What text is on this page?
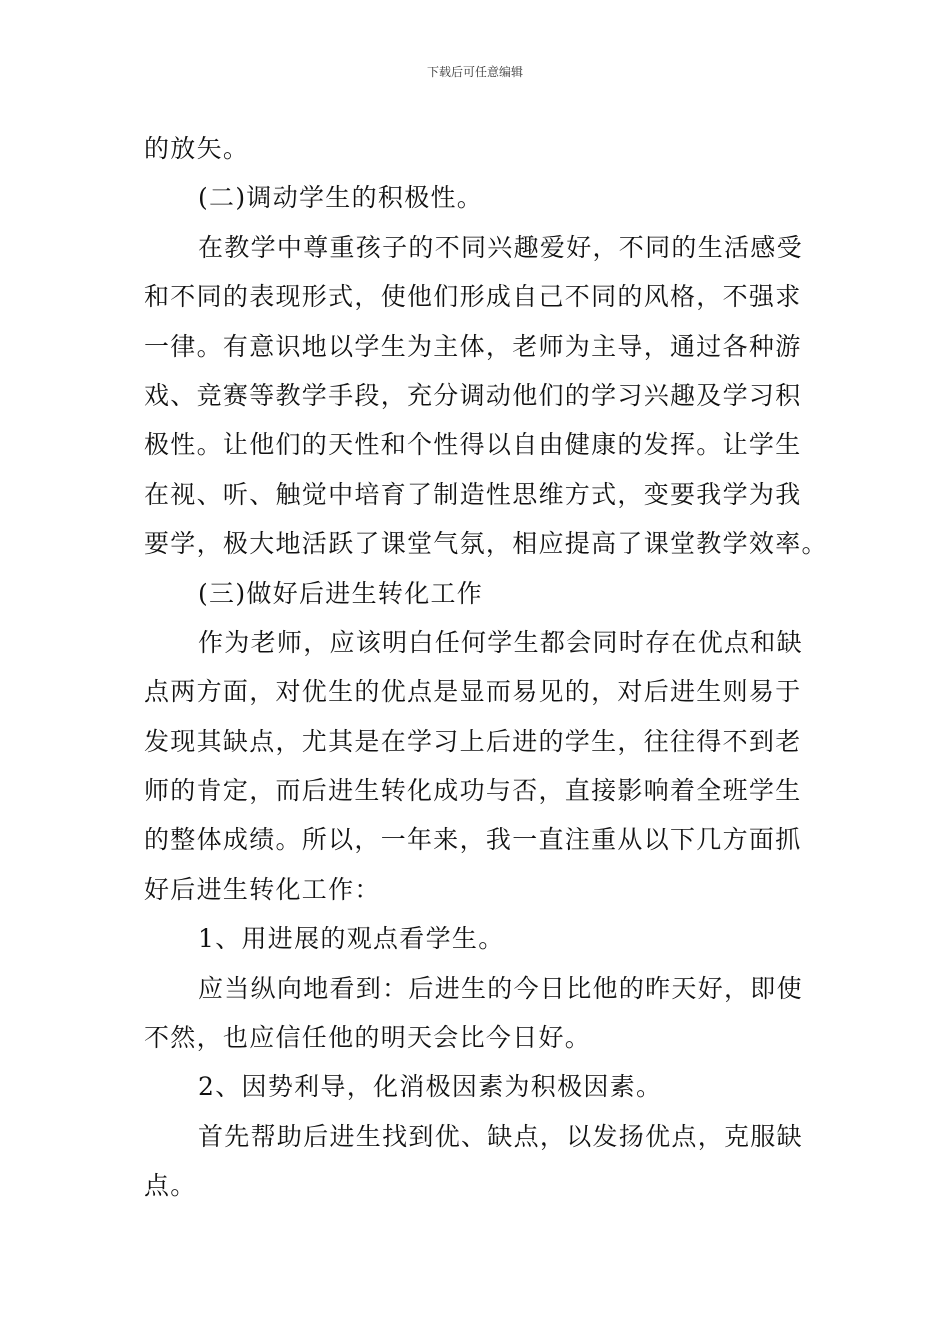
下载后可任意编辑
的放矢。
(二)调动学生的积极性。
在教学中尊重孩子的不同兴趣爱好，不同的生活感受
和不同的表现形式，使他们形成自己不同的风格，不强求
一律。有意识地以学生为主体，老师为主导，通过各种游
戏、竞赛等教学手段，充分调动他们的学习兴趣及学习积
极性。让他们的天性和个性得以自由健康的发挥。让学生
在视、听、触觉中培育了制造性思维方式，变要我学为我
要学，极大地活跃了课堂气氛，相应提高了课堂教学效率。
(三)做好后进生转化工作
作为老师，应该明白任何学生都会同时存在优点和缺
点两方面，对优生的优点是显而易见的，对后进生则易于
发现其缺点，尤其是在学习上后进的学生，往往得不到老
师的肯定，而后进生转化成功与否，直接影响着全班学生
的整体成绩。所以，一年来，我一直注重从以下几方面抓
好后进生转化工作：
1、用进展的观点看学生。
应当纵向地看到：后进生的今日比他的昨天好，即使
不然，也应信任他的明天会比今日好。
2、因势利导，化消极因素为积极因素。
首先帮助后进生找到优、缺点，以发扬优点，克服缺
点。
